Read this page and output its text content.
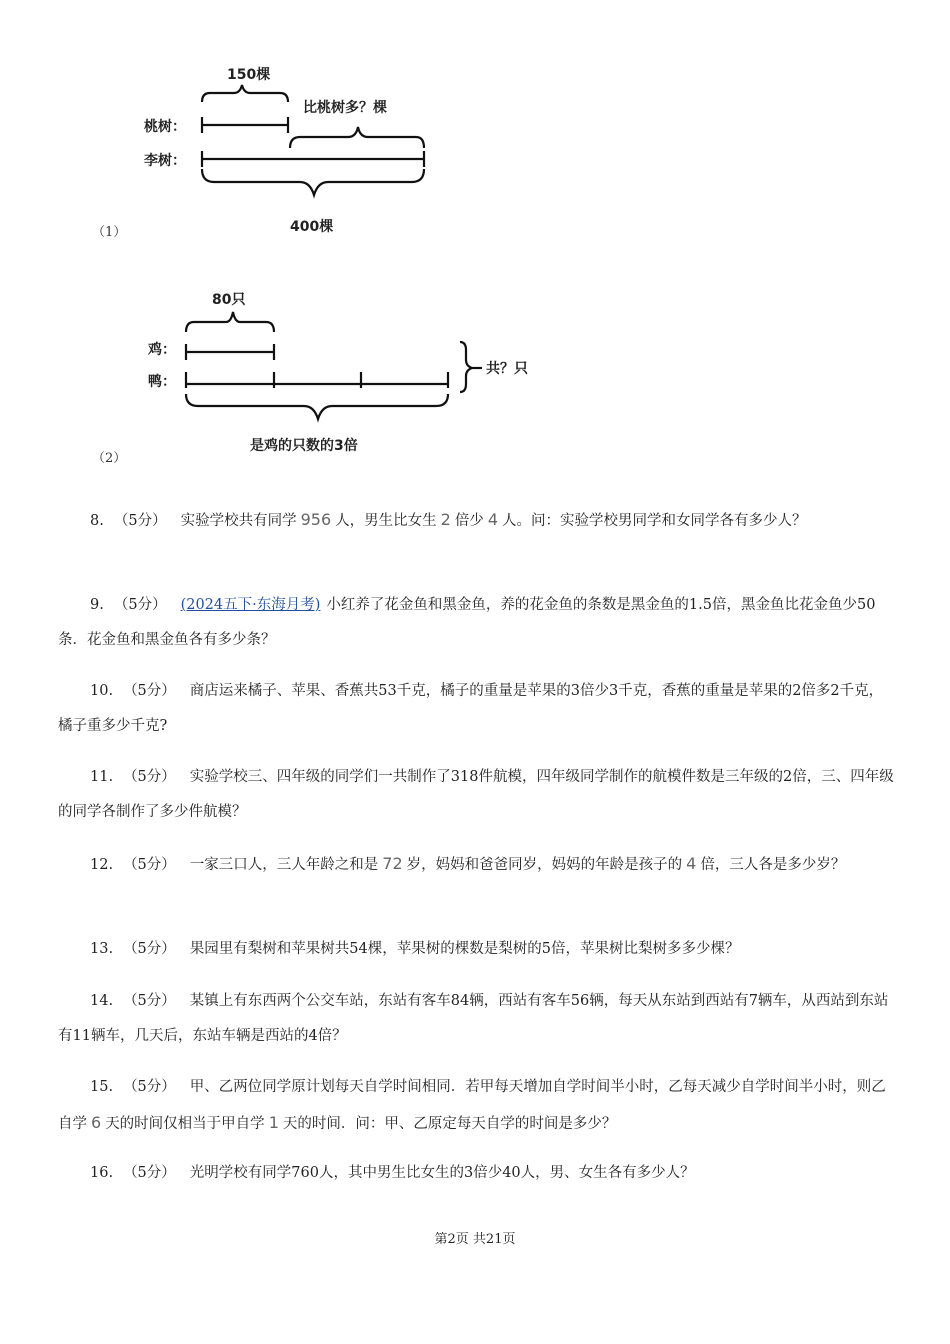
150棵
比桃树多？棵
桃树：
李树：
400棵
（1）
80只
鸡：
鸭：
共？只
是鸡的只数的3倍
（2）
8. （5分） 实验学校共有同学 956 人，男生比女生 2 倍少 4 人。问：实验学校男同学和女同学各有多少人？
9. （5分） (2024五下·东海月考) 小红养了花金鱼和黑金鱼，养的花金鱼的条数是黑金鱼的1.5倍，黑金鱼比花金鱼少50条．花金鱼和黑金鱼各有多少条？
10. （5分） 商店运来橘子、苹果、香蕉共53千克，橘子的重量是苹果的3倍少3千克，香蕉的重量是苹果的2倍多2千克，橘子重多少千克?
11. （5分） 实验学校三、四年级的同学们一共制作了318件航模，四年级同学制作的航模件数是三年级的2倍，三、四年级的同学各制作了多少件航模？
12. （5分） 一家三口人，三人年龄之和是 72 岁，妈妈和爸爸同岁，妈妈的年龄是孩子的 4 倍，三人各是多少岁？
13. （5分） 果园里有梨树和苹果树共54棵，苹果树的棵数是梨树的5倍，苹果树比梨树多多少棵？
14. （5分） 某镇上有东西两个公交车站，东站有客车84辆，西站有客车56辆，每天从东站到西站有7辆车，从西站到东站有11辆车，几天后，东站车辆是西站的4倍？
15. （5分） 甲、乙两位同学原计划每天自学时间相同．若甲每天增加自学时间半小时，乙每天减少自学时间半小时，则乙自学 6 天的时间仅相当于甲自学 1 天的时间．问：甲、乙原定每天自学的时间是多少？
16. （5分） 光明学校有同学760人，其中男生比女生的3倍少40人，男、女生各有多少人？
第2页 共21页
